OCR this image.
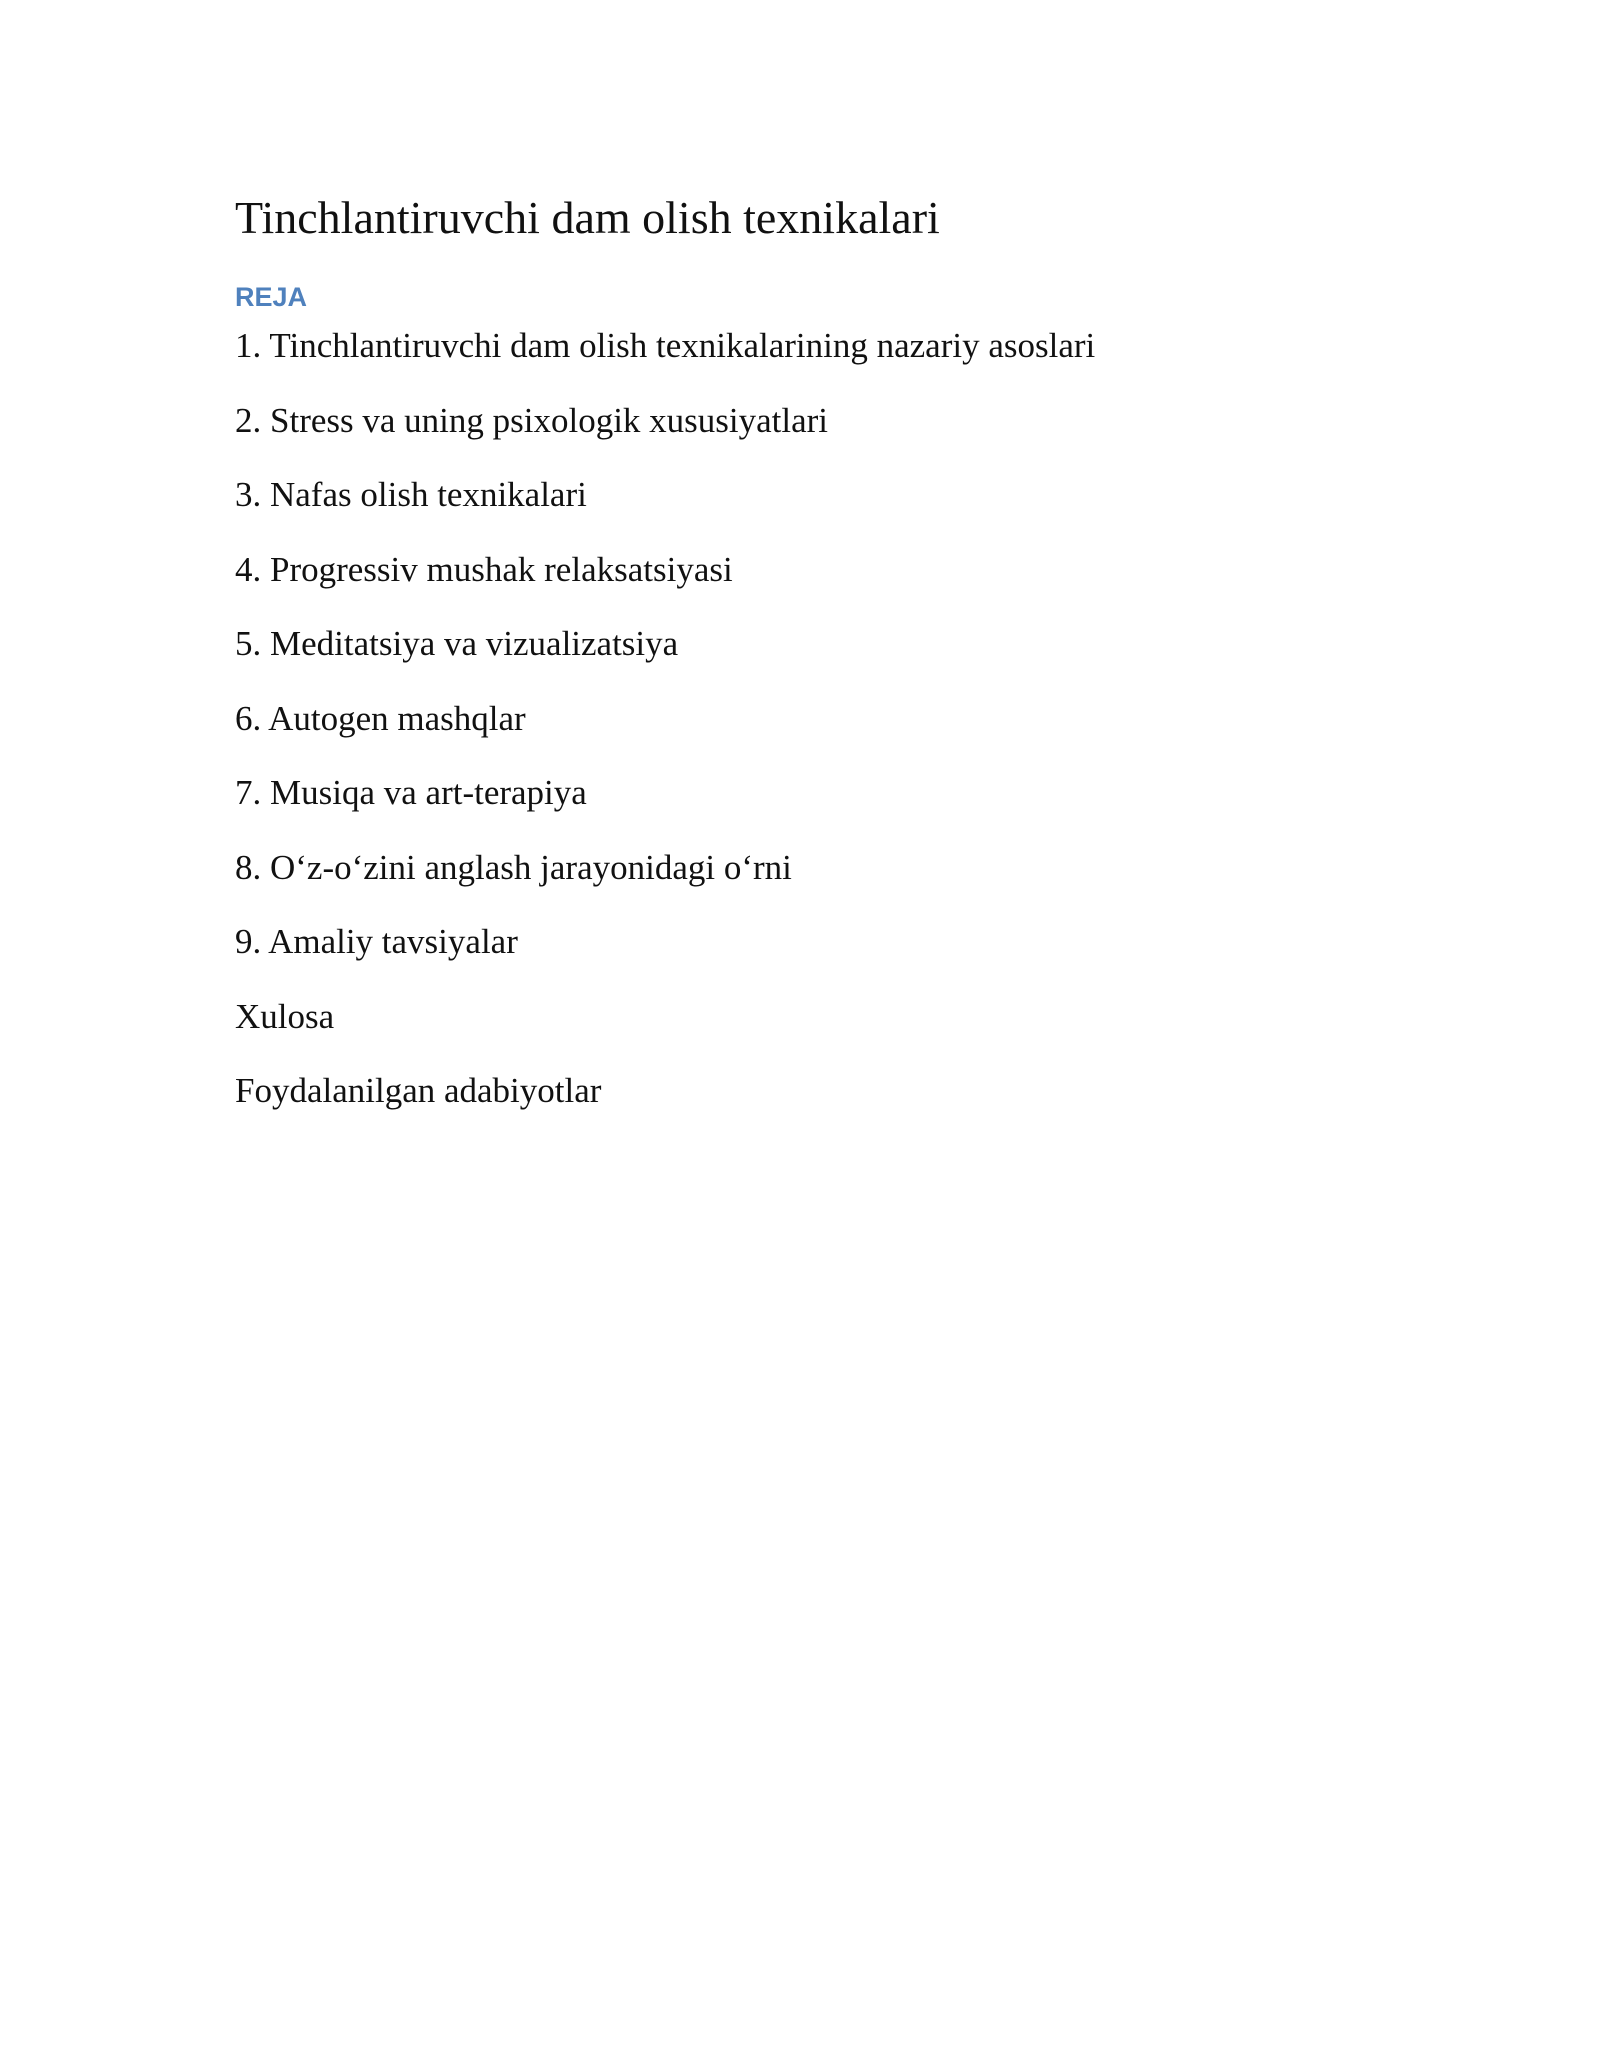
Tinchlantiruvchi dam olish texnikalari
REJA
1. Tinchlantiruvchi dam olish texnikalarining nazariy asoslari
2. Stress va uning psixologik xususiyatlari
3. Nafas olish texnikalari
4. Progressiv mushak relaksatsiyasi
5. Meditatsiya va vizualizatsiya
6. Autogen mashqlar
7. Musiqa va art-terapiya
8. O‘z-o‘zini anglash jarayonidagi o‘rni
9. Amaliy tavsiyalar
Xulosa
Foydalanilgan adabiyotlar
